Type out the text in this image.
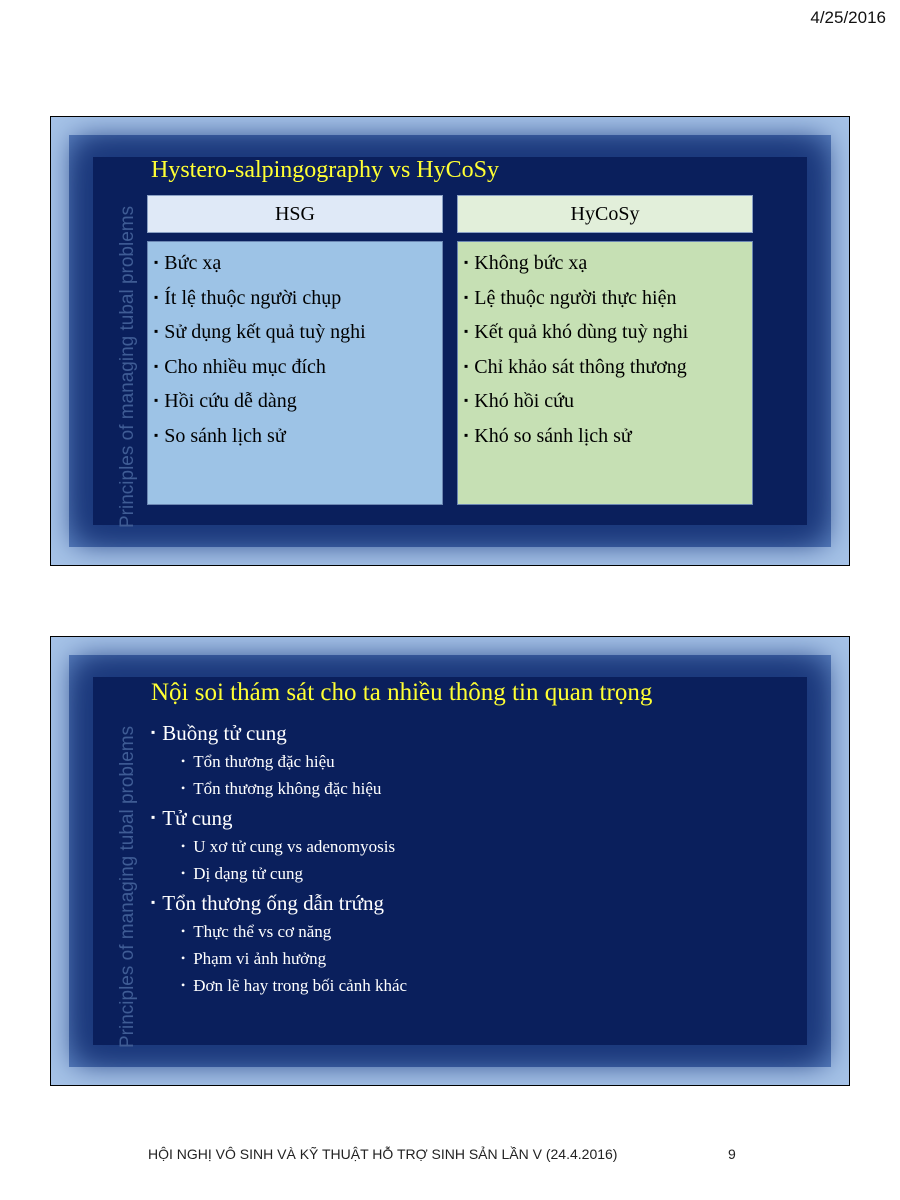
4/25/2016
Hystero-salpingography vs HyCoSy
HSG	HyCoSy
▪ Bức xạ
▪ Ít lệ thuộc người chụp
▪ Sử dụng kết quả tuỳ nghi
▪ Cho nhiều mục đích
▪ Hồi cứu dễ dàng
▪ So sánh lịch sử
▪ Không bức xạ
▪ Lệ thuộc người thực hiện
▪ Kết quả khó dùng tuỳ nghi
▪ Chỉ khảo sát thông thương
▪ Khó hồi cứu
▪ Khó so sánh lịch sử
Nội soi thám sát cho ta nhiều thông tin quan trọng
▪ Buồng tử cung
• Tổn thương đặc hiệu
• Tổn thương không đặc hiệu
▪ Tử cung
• U xơ tử cung vs adenomyosis
• Dị dạng tử cung
▪ Tổn thương ống dẫn trứng
• Thực thể vs cơ năng
• Phạm vi ảnh hưởng
• Đơn lẽ hay trong bối cảnh khác
HỘI NGHỊ VÔ SINH VÀ KỸ THUẬT HỖ TRỢ SINH SẢN LẦN V (24.4.2016)	9
